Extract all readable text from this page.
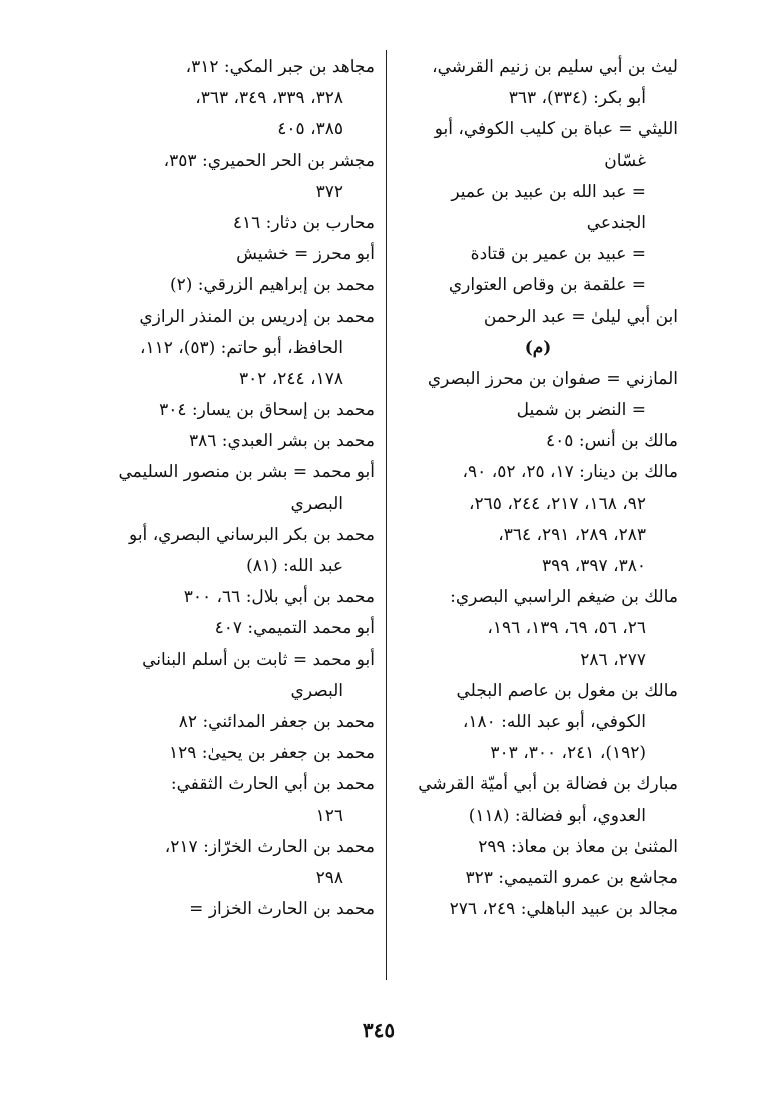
ليث بن أبي سليم بن زنيم القرشي،
أبو بكر: (٣٣٤)، ٣٦٣
الليثي = عباة بن كليب الكوفي، أبو
غسّان
= عبد الله بن عبيد بن عمير
الجندعي
= عبيد بن عمير بن قتادة
= علقمة بن وقاص العتواري
ابن أبي ليلىٰ = عبد الرحمن
(م)
المازني = صفوان بن محرز البصري
= النضر بن شميل
مالك بن أنس: ٤٠٥
مالك بن دينار: ١٧، ٢٥، ٥٢، ٩٠،
٩٢، ١٦٨، ٢١٧، ٢٤٤، ٢٦٥،
٢٨٣، ٢٨٩، ٢٩١، ٣٦٤،
٣٨٠، ٣٩٧، ٣٩٩
مالك بن ضيغم الراسبي البصري:
٢٦، ٥٦، ٦٩، ١٣٩، ١٩٦،
٢٧٧، ٢٨٦
مالك بن مغول بن عاصم البجلي
الكوفي، أبو عبد الله: ١٨٠،
(١٩٢)، ٢٤١، ٣٠٠، ٣٠٣
مبارك بن فضالة بن أبي أميّة القرشي
العدوي، أبو فضالة: (١١٨)
المثنىٰ بن معاذ بن معاذ: ٢٩٩
مجاشع بن عمرو التميمي: ٣٢٣
مجالد بن عبيد الباهلي: ٢٤٩، ٢٧٦
مجاهد بن جبر المكي: ٣١٢،
٣٢٨، ٣٣٩، ٣٤٩، ٣٦٣،
٣٨٥، ٤٠٥
مجشر بن الحر الحميري: ٣٥٣،
٣٧٢
محارب بن دثار: ٤١٦
أبو محرز = خشيش
محمد بن إبراهيم الزرقي: (٢)
محمد بن إدريس بن المنذر الرازي
الحافظ، أبو حاتم: (٥٣)، ١١٢،
١٧٨، ٢٤٤، ٣٠٢
محمد بن إسحاق بن يسار: ٣٠٤
محمد بن بشر العبدي: ٣٨٦
أبو محمد = بشر بن منصور السليمي
البصري
محمد بن بكر البرساني البصري، أبو
عبد الله: (٨١)
محمد بن أبي بلال: ٦٦، ٣٠٠
أبو محمد التميمي: ٤٠٧
أبو محمد = ثابت بن أسلم البناني
البصري
محمد بن جعفر المدائني: ٨٢
محمد بن جعفر بن يحيىٰ: ١٢٩
محمد بن أبي الحارث الثقفي:
١٢٦
محمد بن الحارث الخرّاز: ٢١٧،
٢٩٨
محمد بن الحارث الخزاز =
٣٤٥
